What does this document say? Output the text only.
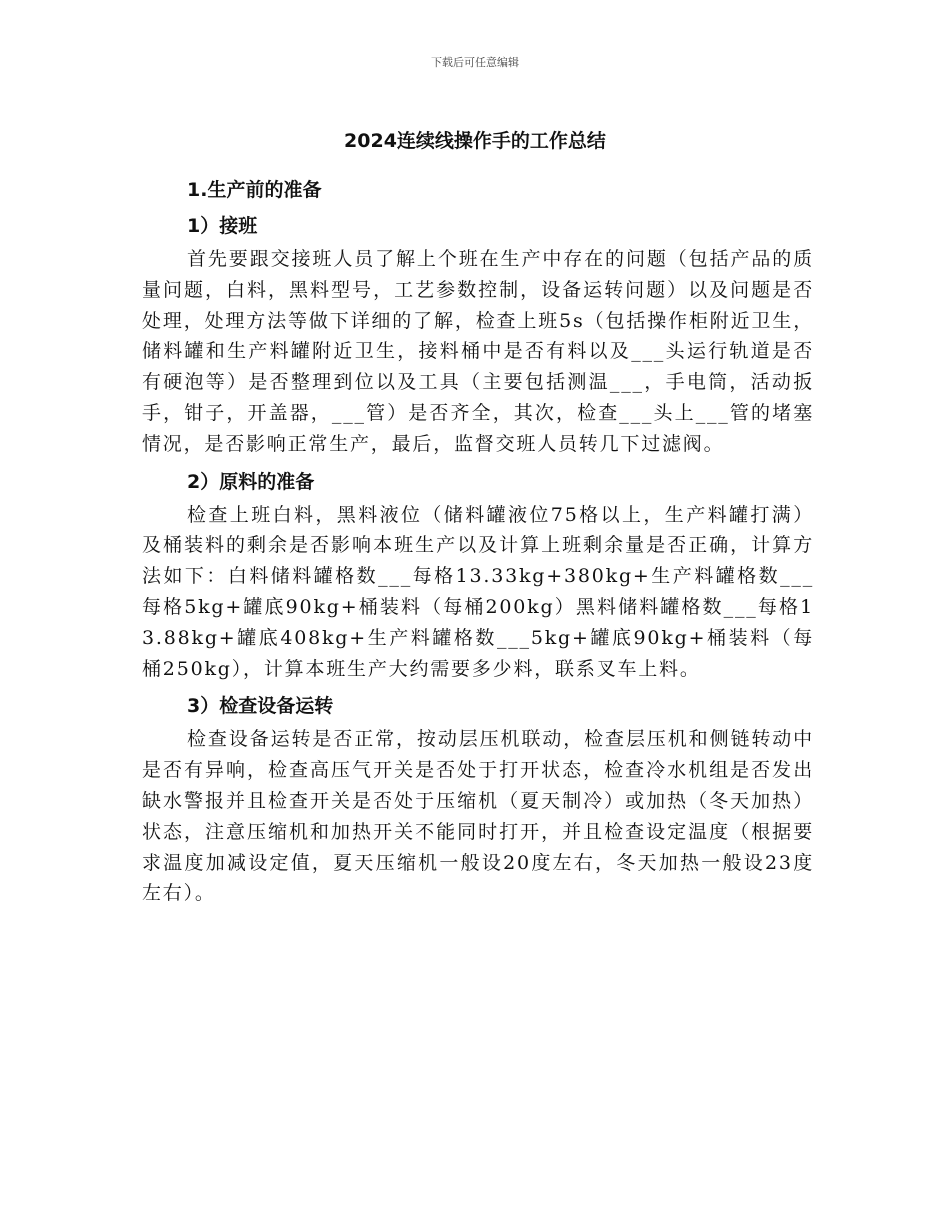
下载后可任意编辑
2024连续线操作手的工作总结
1.生产前的准备
1）接班

首先要跟交接班人员了解上个班在生产中存在的问题（包括产品的质量问题，白料，黑料型号，工艺参数控制，设备运转问题）以及问题是否处理，处理方法等做下详细的了解，检查上班5s（包括操作柜附近卫生，储料罐和生产料罐附近卫生，接料桶中是否有料以及___头运行轨道是否有硬泡等）是否整理到位以及工具（主要包括测温___，手电筒，活动扳手，钳子，开盖器，___管）是否齐全，其次，检查___头上___管的堵塞情况，是否影响正常生产，最后，监督交班人员转几下过滤阀。

2）原料的准备

检查上班白料，黑料液位（储料罐液位75格以上，生产料罐打满）及桶装料的剩余是否影响本班生产以及计算上班剩余量是否正确，计算方法如下：白料储料罐格数___每格13.33kg+380kg+生产料罐格数___每格5kg+罐底90kg+桶装料（每桶200kg）黑料储料罐格数___每格13.88kg+罐底408kg+生产料罐格数___5kg+罐底90kg+桶装料（每桶250kg），计算本班生产大约需要多少料，联系叉车上料。

3）检查设备运转

检查设备运转是否正常，按动层压机联动，检查层压机和侧链转动中是否有异响，检查高压气开关是否处于打开状态，检查冷水机组是否发出缺水警报并且检查开关是否处于压缩机（夏天制冷）或加热（冬天加热）状态，注意压缩机和加热开关不能同时打开，并且检查设定温度（根据要求温度加减设定值，夏天压缩机一般设20度左右，冬天加热一般设23度左右）。
